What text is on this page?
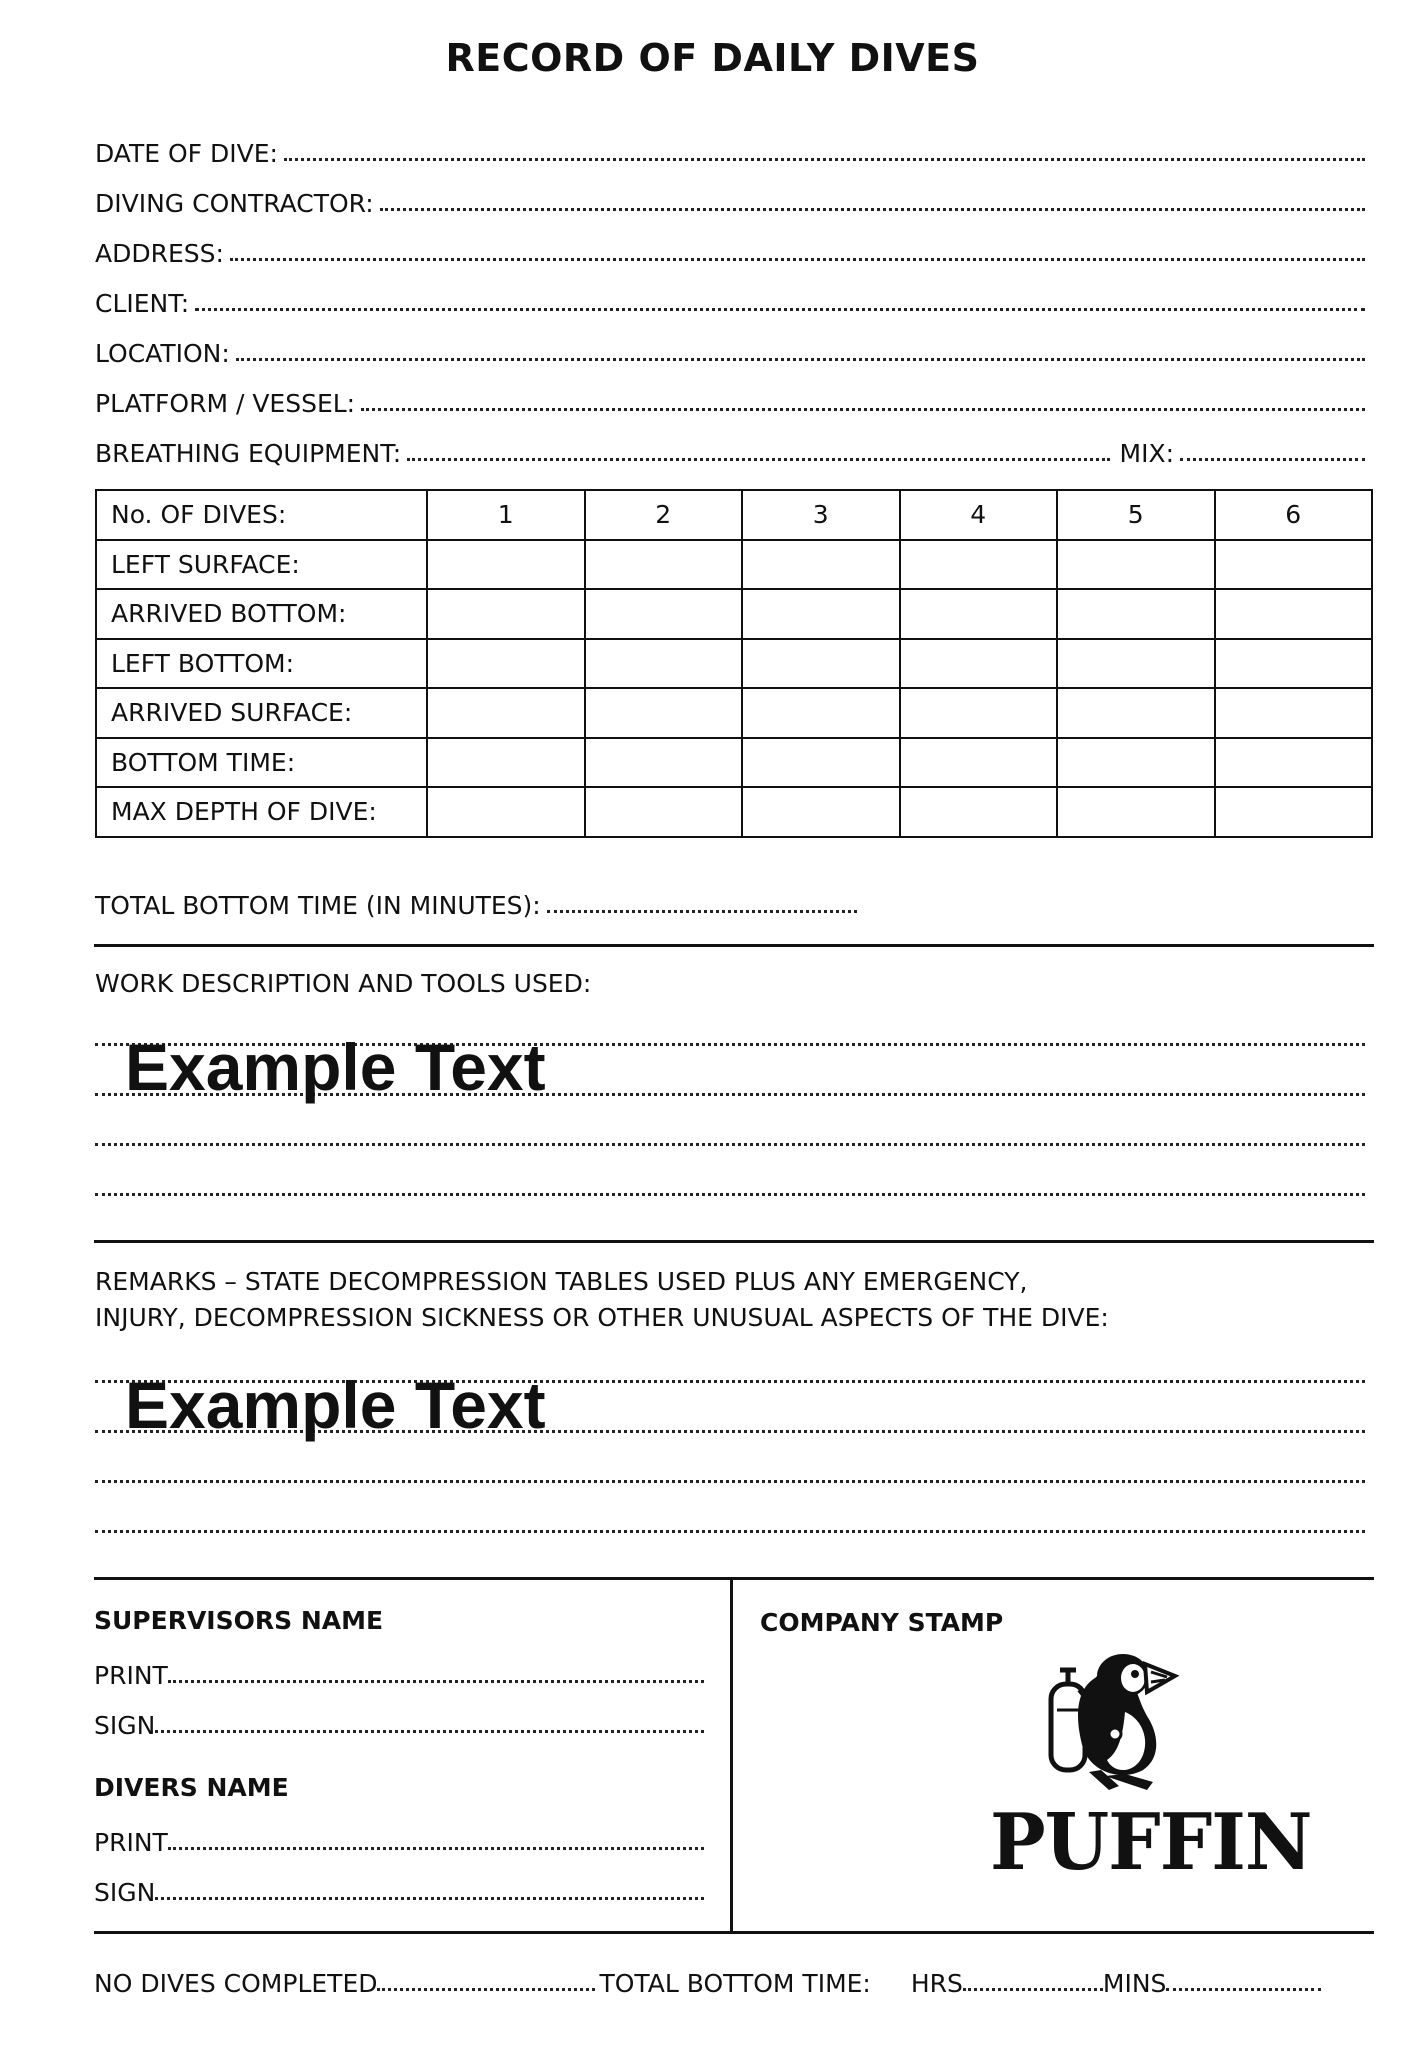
RECORD OF DAILY DIVES
DATE OF DIVE:
DIVING CONTRACTOR:
ADDRESS:
CLIENT:
LOCATION:
PLATFORM / VESSEL:
BREATHING EQUIPMENT:	MIX:
No. OF DIVES:	1	2	3	4	5	6
LEFT SURFACE:						
ARRIVED BOTTOM:						
LEFT BOTTOM:						
ARRIVED SURFACE:						
BOTTOM TIME:						
MAX DEPTH OF DIVE:						
TOTAL BOTTOM TIME (IN MINUTES):
WORK DESCRIPTION AND TOOLS USED:
Example Text
REMARKS – STATE DECOMPRESSION TABLES USED PLUS ANY EMERGENCY,
INJURY, DECOMPRESSION SICKNESS OR OTHER UNUSUAL ASPECTS OF THE DIVE:
Example Text
SUPERVISORS NAME
PRINT
SIGN
DIVERS NAME
PRINT
SIGN
COMPANY STAMP
PUFFIN
NO DIVES COMPLETED	TOTAL BOTTOM TIME:	HRS	MINS
